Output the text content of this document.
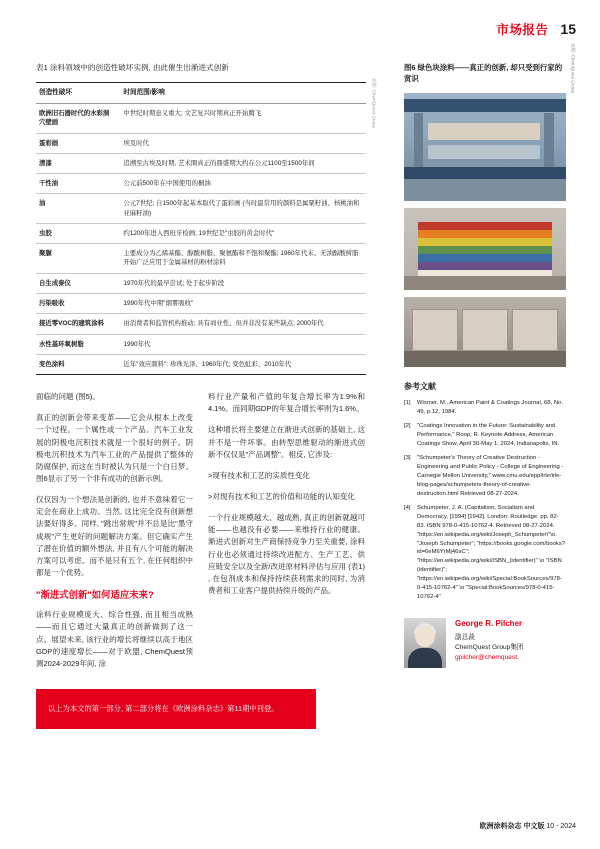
市场报告 15
表1 涂料领域中的创造性破坏实例, 由此催生出渐进式创新
创造性破坏	时间范围/影响
欧洲旧石器时代的水彩洞穴壁画	中世纪时期意义重大; 文艺复兴时期真正开始腾飞
蛋彩画	埃及时代
清漆	追溯至古埃及时期, 艺术圈真正的鼎盛期大约在公元1100至1500年间
干性油	公元前500年在中国使用的桐油
油	公元7世纪; 自1500年起基本取代了蛋彩画 (当时最常用的颜料是属粟籽油、核桃油和亚麻籽油)
虫胶	约1200年进入西班牙检画; 19世纪是"虫胶的黄金时代"
聚脲	主要成分为乙烯基酯、醇酸树脂、聚氨酯和不饱和聚酯; 1960年代末、无油醇酸树脂开始广泛应用于金属基材的粉材涂料
自生成泰仪	1970年代的最早尝试; 处于起步阶段
污染吸收	1990年代中期"烟雾吸收"
接近零VOC的建筑涂料	由消费者和监管机构推动; 具有商业性、但并非没有某些缺点; 2000年代
水性基环氧树脂	1990年代
变色涂料	近年"效应颜料": 珍珠光泽、1960年代; 变色虹彩、2010年代
来源: ChemQuest Group

面临的问题 (图5)。

真正的创新会带来变革——它会从根本上改变一个过程。一个属性或一个产品。汽车工业发展的阴极电沉积技术就是一个很好的例子。阴极电沉积技术为汽车工业的产品提供了整体的防腐保护, 而这在当时被认为只是一个白日梦。图6显示了另一个非有成功的创新示例。

仅仅因为一个想法是创新的, 也并不意味着它一定会在商业上成功。当然, 这比完全没有创新想法要好得多。同样, "跳出常规"并不总是比"墨守成规"产生更好的问题解决方案。但它确实产生了潜在价值的额外想法, 并且有八个可能的解决方案可以考虑。而不是只有五个, 在任何组织中都是一个优势。

"渐进式创新"如何适应未来?

涂料行业规模庞大、综合性强, 而且相当成熟——而且它通过大量真正的创新做到了这一点。展望未来, 该行业的增长将继续以高于地区GDP的速度增长——对于欧盟, ChemQuest预测2024-2029年间, 涂

料行业产量和产值的年复合增长率为1.9%和4.1%。而同期GDP的年复合增长率则为1.6%。

这种增长将主要建立在渐进式创新的基础上, 这并不是一件坏事。由转型思维驱动的渐进式创新不仅仅是"产品调整"。相反, 它涉及:

>现有技术和工艺的实质性变化

>对现有技术和工艺的价值和功能的认知变化

一个行业规模越大、越成熟, 真正的创新就越可能——也越没有必要——来维持行业的健康。渐进式创新对生产商保持竞争力至关重要, 涂料行业也必须通过持续改进配方、生产工艺、供应链安全以及全新/改进原材料评估与应用 (表1) , 在包剂成本和保持持续获利需求的同时, 为消费者和工业客户提供持续升级的产品。

以上为本文的第一部分, 第二部分将在《欧洲涂料杂志》第11期中刊登。
图6 绿色块涂料——真正的创新, 却只受到行家的赏识	来源: ChemQuest Group
参考文献
[1]	Wismer, M., American Paint & Coatings Journal, 68, No. 49, p.12, 1984.
[2]	"Coatings Innovation in the Future: Sustainability and Performance," Roop, R. Keynote Address, American Coatings Show, April 30-May 1, 2024, Indianapolis, IN.
[3]	"Schumpeter's Theory of Creative Destruction - Engineering and Public Policy - College of Engineering - Carnegie Mellon University," www.cmu.edu/epp/irle/irle-blog-pages/schumpeters-theory-of-creative-destruction.html Retrieved 08-27-2024.
[4]	Schumpeter, J. A. (Capitalism, Socialism and Democracy, [1994] [1942]. London: Routledge. pp. 82-83. ISBN 978-0-415-10762-4. Retrieved 08-27-2024. "https://en.wikipedia.org/wiki/Joseph_Schumpeter\"\o. "Joseph Schumpeter"; "https://books.google.com/books?id=6eM6YrMj46sC"; "https://en.wikipedia.org/wiki/ISBN_(identifier)" \o "ISBN (identifier)"; "https://en.wikipedia.org/wiki/Special:BookSources/978-0-415-10762-4" \o "Special:BookSources/978-0-415-10762-4"
George R. Pilcher
副总裁
ChemQuest Group集团
gpilcher@chemquest.
欧洲涂料杂志 中文版 10 - 2024
